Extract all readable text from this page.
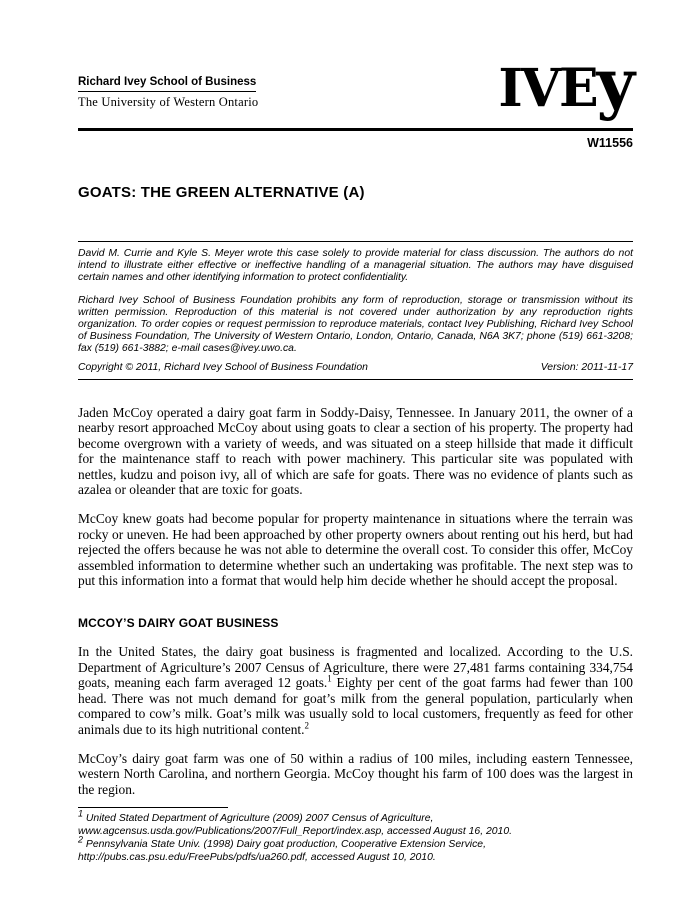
Richard Ivey School of Business
The University of Western Ontario	IVEy
W11556
GOATS: THE GREEN ALTERNATIVE (A)

David M. Currie and Kyle S. Meyer wrote this case solely to provide material for class discussion. The authors do not intend to illustrate either effective or ineffective handling of a managerial situation. The authors may have disguised certain names and other identifying information to protect confidentiality.

Richard Ivey School of Business Foundation prohibits any form of reproduction, storage or transmission without its written permission. Reproduction of this material is not covered under authorization by any reproduction rights organization. To order copies or request permission to reproduce materials, contact Ivey Publishing, Richard Ivey School of Business Foundation, The University of Western Ontario, London, Ontario, Canada, N6A 3K7; phone (519) 661-3208; fax (519) 661-3882; e-mail cases@ivey.uwo.ca.

Copyright © 2011, Richard Ivey School of Business Foundation	Version: 2011-11-17

Jaden McCoy operated a dairy goat farm in Soddy-Daisy, Tennessee. In January 2011, the owner of a nearby resort approached McCoy about using goats to clear a section of his property. The property had become overgrown with a variety of weeds, and was situated on a steep hillside that made it difficult for the maintenance staff to reach with power machinery. This particular site was populated with nettles, kudzu and poison ivy, all of which are safe for goats. There was no evidence of plants such as azalea or oleander that are toxic for goats.

McCoy knew goats had become popular for property maintenance in situations where the terrain was rocky or uneven. He had been approached by other property owners about renting out his herd, but had rejected the offers because he was not able to determine the overall cost. To consider this offer, McCoy assembled information to determine whether such an undertaking was profitable. The next step was to put this information into a format that would help him decide whether he should accept the proposal.

MCCOY’S DAIRY GOAT BUSINESS

In the United States, the dairy goat business is fragmented and localized. According to the U.S. Department of Agriculture’s 2007 Census of Agriculture, there were 27,481 farms containing 334,754 goats, meaning each farm averaged 12 goats.$^1$ Eighty per cent of the goat farms had fewer than 100 head. There was not much demand for goat’s milk from the general population, particularly when compared to cow’s milk. Goat’s milk was usually sold to local customers, frequently as feed for other animals due to its high nutritional content.$^2$

McCoy’s dairy goat farm was one of 50 within a radius of 100 miles, including eastern Tennessee, western North Carolina, and northern Georgia. McCoy thought his farm of 100 does was the largest in the region.

$^1$ United Stated Department of Agriculture (2009) 2007 Census of Agriculture,
www.agcensus.usda.gov/Publications/2007/Full_Report/index.asp, accessed August 16, 2010.

$^2$ Pennsylvania State Univ. (1998) Dairy goat production, Cooperative Extension Service,
http://pubs.cas.psu.edu/FreePubs/pdfs/ua260.pdf, accessed August 10, 2010.
